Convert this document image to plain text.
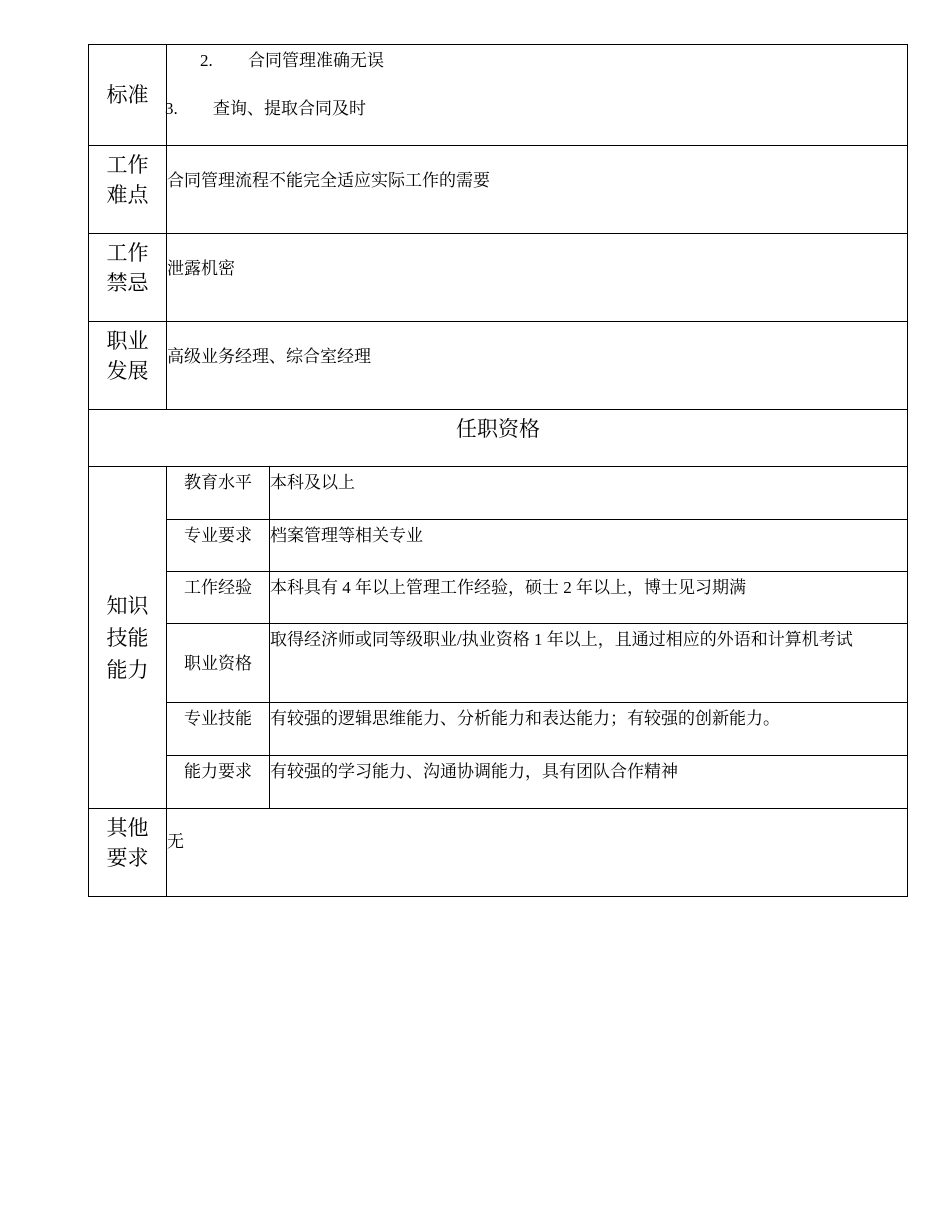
标准	2. 合同管理准确无误
3. 查询、提取合同及时	

工作
难点	合同管理流程不能完全适应实际工作的需要	

工作
禁忌	泄露机密	

职业
发展	高级业务经理、综合室经理	
任职资格		

知识
技能
能力	教育水平	本科及以上
	专业要求	档案管理等相关专业
	工作经验	本科具有 4 年以上管理工作经验，硕士 2 年以上，博士见习期满
	职业资格	取得经济师或同等级职业/执业资格 1 年以上，且通过相应的外语和计算机考试
	专业技能	有较强的逻辑思维能力、分析能力和表达能力；有较强的创新能力。
	能力要求	有较强的学习能力、沟通协调能力，具有团队合作精神

其他
要求	无	
